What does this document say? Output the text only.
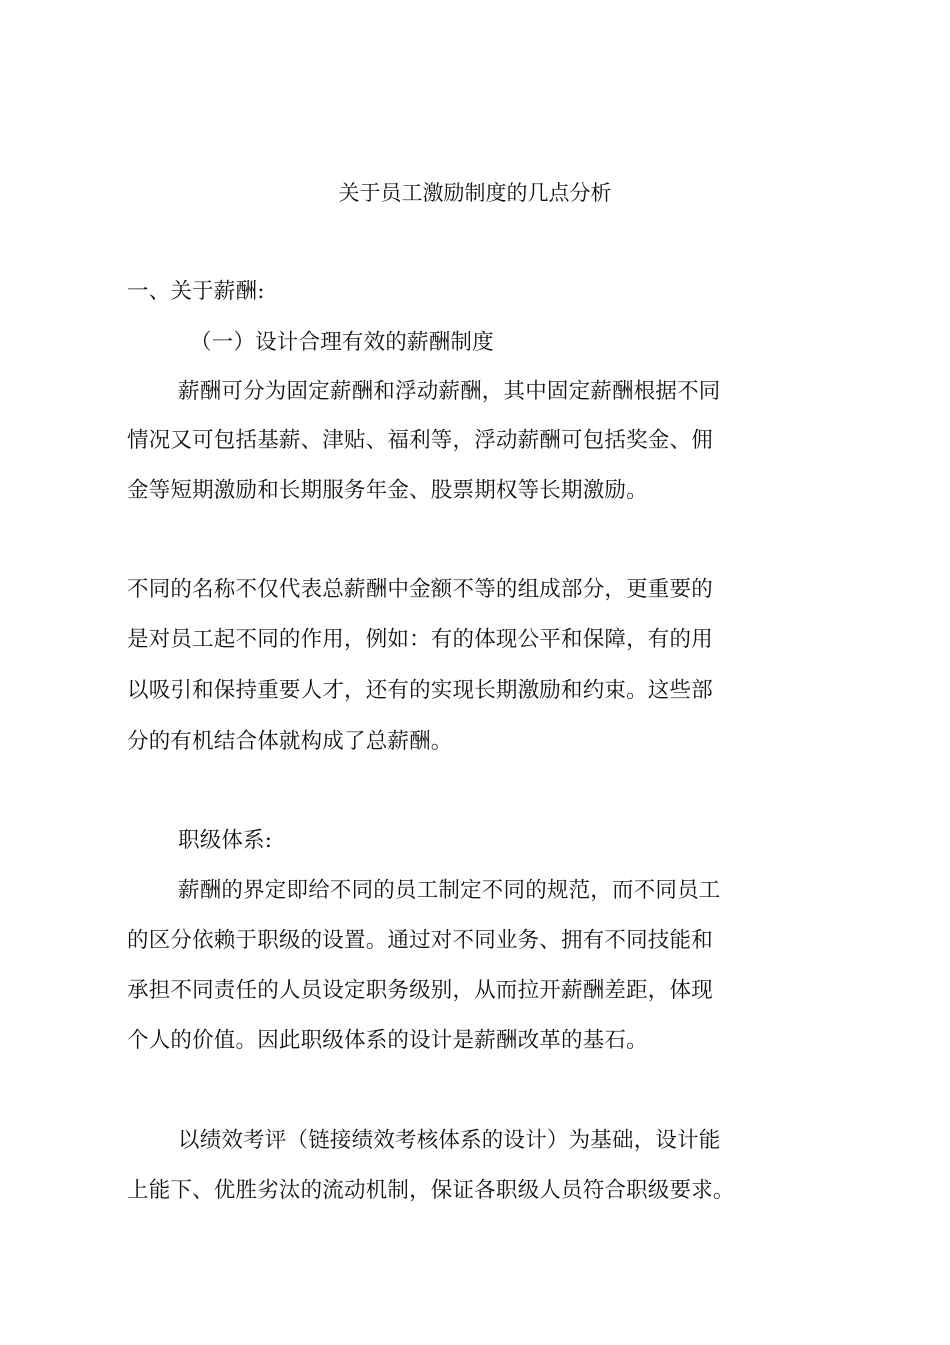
关于员工激励制度的几点分析
一、关于薪酬:
（一）设计合理有效的薪酬制度
薪酬可分为固定薪酬和浮动薪酬，其中固定薪酬根据不同
情况又可包括基薪、津贴、福利等，浮动薪酬可包括奖金、佣
金等短期激励和长期服务年金、股票期权等长期激励。
不同的名称不仅代表总薪酬中金额不等的组成部分，更重要的
是对员工起不同的作用，例如：有的体现公平和保障，有的用
以吸引和保持重要人才，还有的实现长期激励和约束。这些部
分的有机结合体就构成了总薪酬。
职级体系:
薪酬的界定即给不同的员工制定不同的规范，而不同员工
的区分依赖于职级的设置。通过对不同业务、拥有不同技能和
承担不同责任的人员设定职务级别，从而拉开薪酬差距，体现
个人的价值。因此职级体系的设计是薪酬改革的基石。
以绩效考评（链接绩效考核体系的设计）为基础，设计能
上能下、优胜劣汰的流动机制，保证各职级人员符合职级要求。
